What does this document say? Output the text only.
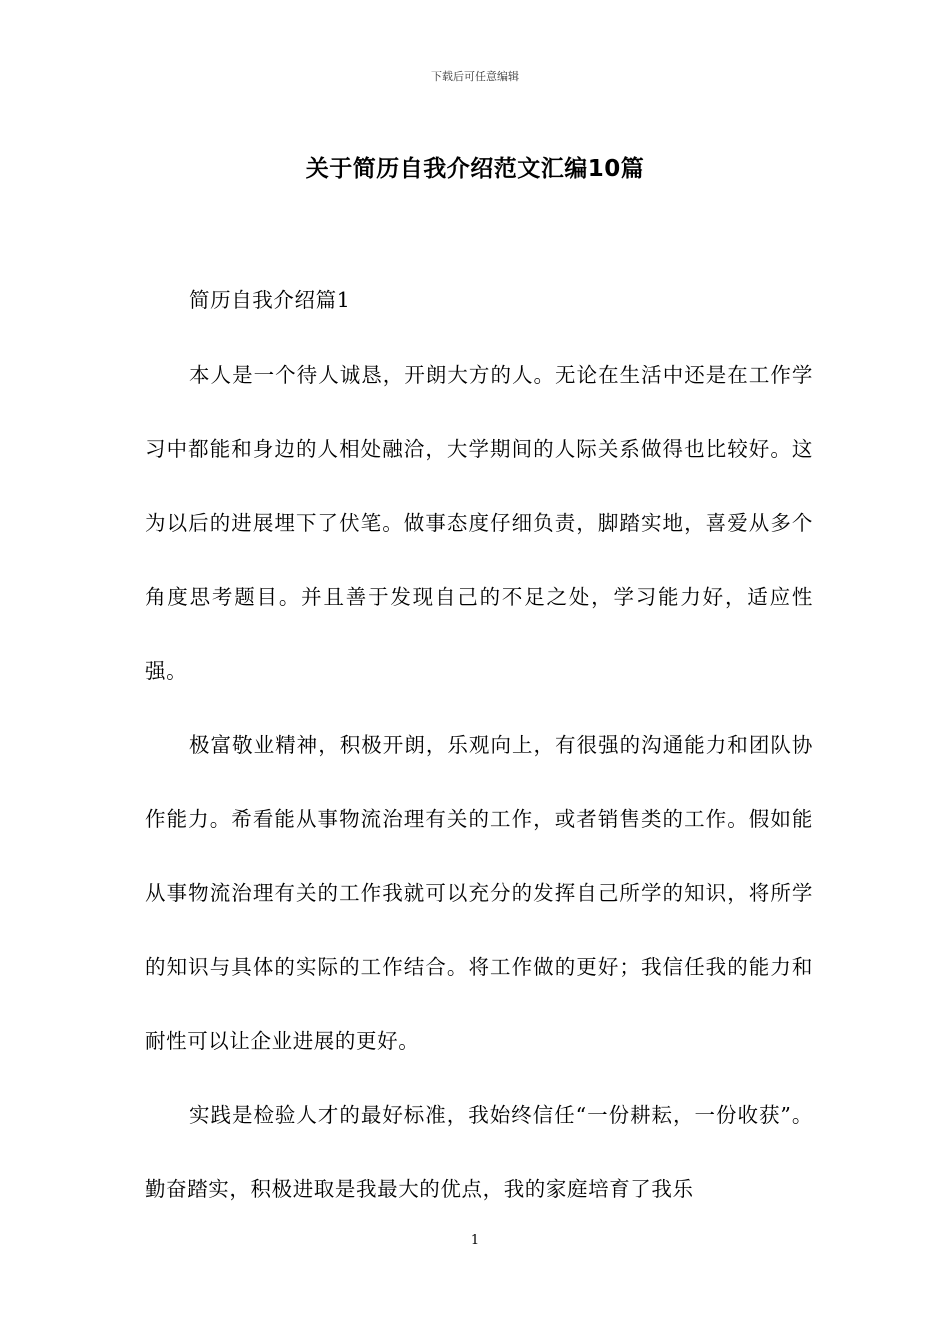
下载后可任意编辑
关于简历自我介绍范文汇编10篇
简历自我介绍篇1
本人是一个待人诚恳，开朗大方的人。无论在生活中还是在工作学习中都能和身边的人相处融洽，大学期间的人际关系做得也比较好。这为以后的进展埋下了伏笔。做事态度仔细负责，脚踏实地，喜爱从多个角度思考题目。并且善于发现自己的不足之处，学习能力好，适应性强。
极富敬业精神，积极开朗，乐观向上，有很强的沟通能力和团队协作能力。希看能从事物流治理有关的工作，或者销售类的工作。假如能从事物流治理有关的工作我就可以充分的发挥自己所学的知识，将所学的知识与具体的实际的工作结合。将工作做的更好；我信任我的能力和耐性可以让企业进展的更好。
实践是检验人才的最好标准，我始终信任“一份耕耘，一份收获”。勤奋踏实，积极进取是我最大的优点，我的家庭培育了我乐
1
